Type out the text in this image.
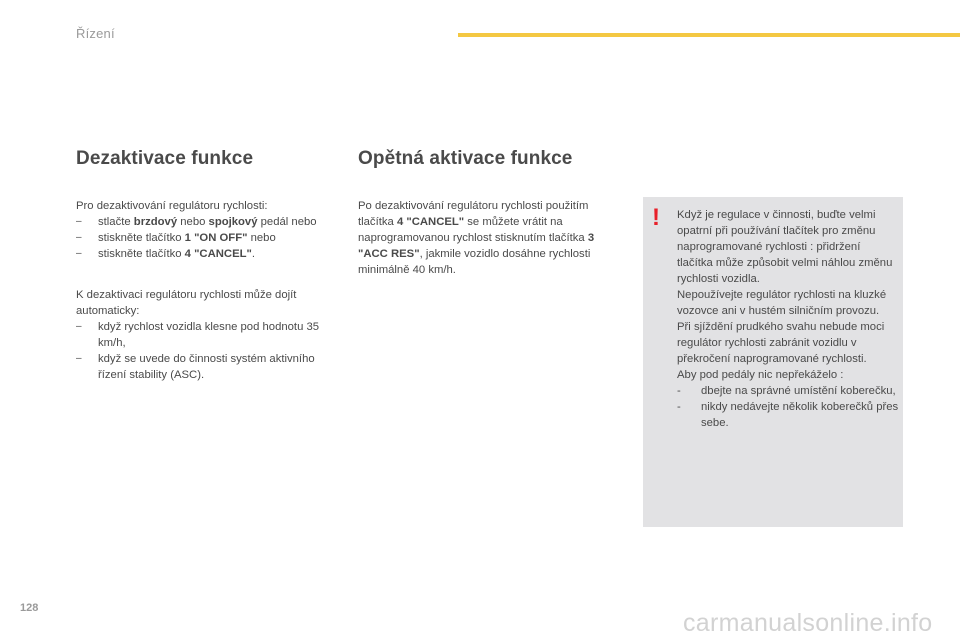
Řízení
Dezaktivace funkce	Opětná aktivace funkce

Pro dezaktivování regulátoru rychlosti:

‒	stlačte brzdový nebo spojkový pedál nebo
‒	stiskněte tlačítko 1 "ON OFF" nebo
‒	stiskněte tlačítko 4 "CANCEL".

K dezaktivaci regulátoru rychlosti může dojít automaticky:

‒	když rychlost vozidla klesne pod hodnotu 35 km/h,
‒	když se uvede do činnosti systém aktivního řízení stability (ASC).

Po dezaktivování regulátoru rychlosti použitím tlačítka 4 "CANCEL" se můžete vrátit na naprogramovanou rychlost stisknutím tlačítka 3 "ACC RES", jakmile vozidlo dosáhne rychlosti minimálně 40 km/h.

! Když je regulace v činnosti, buďte velmi opatrní při používání tlačítek pro změnu naprogramované rychlosti : přidržení tlačítka může způsobit velmi náhlou změnu rychlosti vozidla.

Nepoužívejte regulátor rychlosti na kluzké vozovce ani v hustém silničním provozu.

Při sjíždění prudkého svahu nebude moci regulátor rychlosti zabránit vozidlu v překročení naprogramované rychlosti.

Aby pod pedály nic nepřekáželo :

- dbejte na správné umístění koberečku,
- nikdy nedávejte několik koberečků přes sebe.
128
carmanualsonline.info
